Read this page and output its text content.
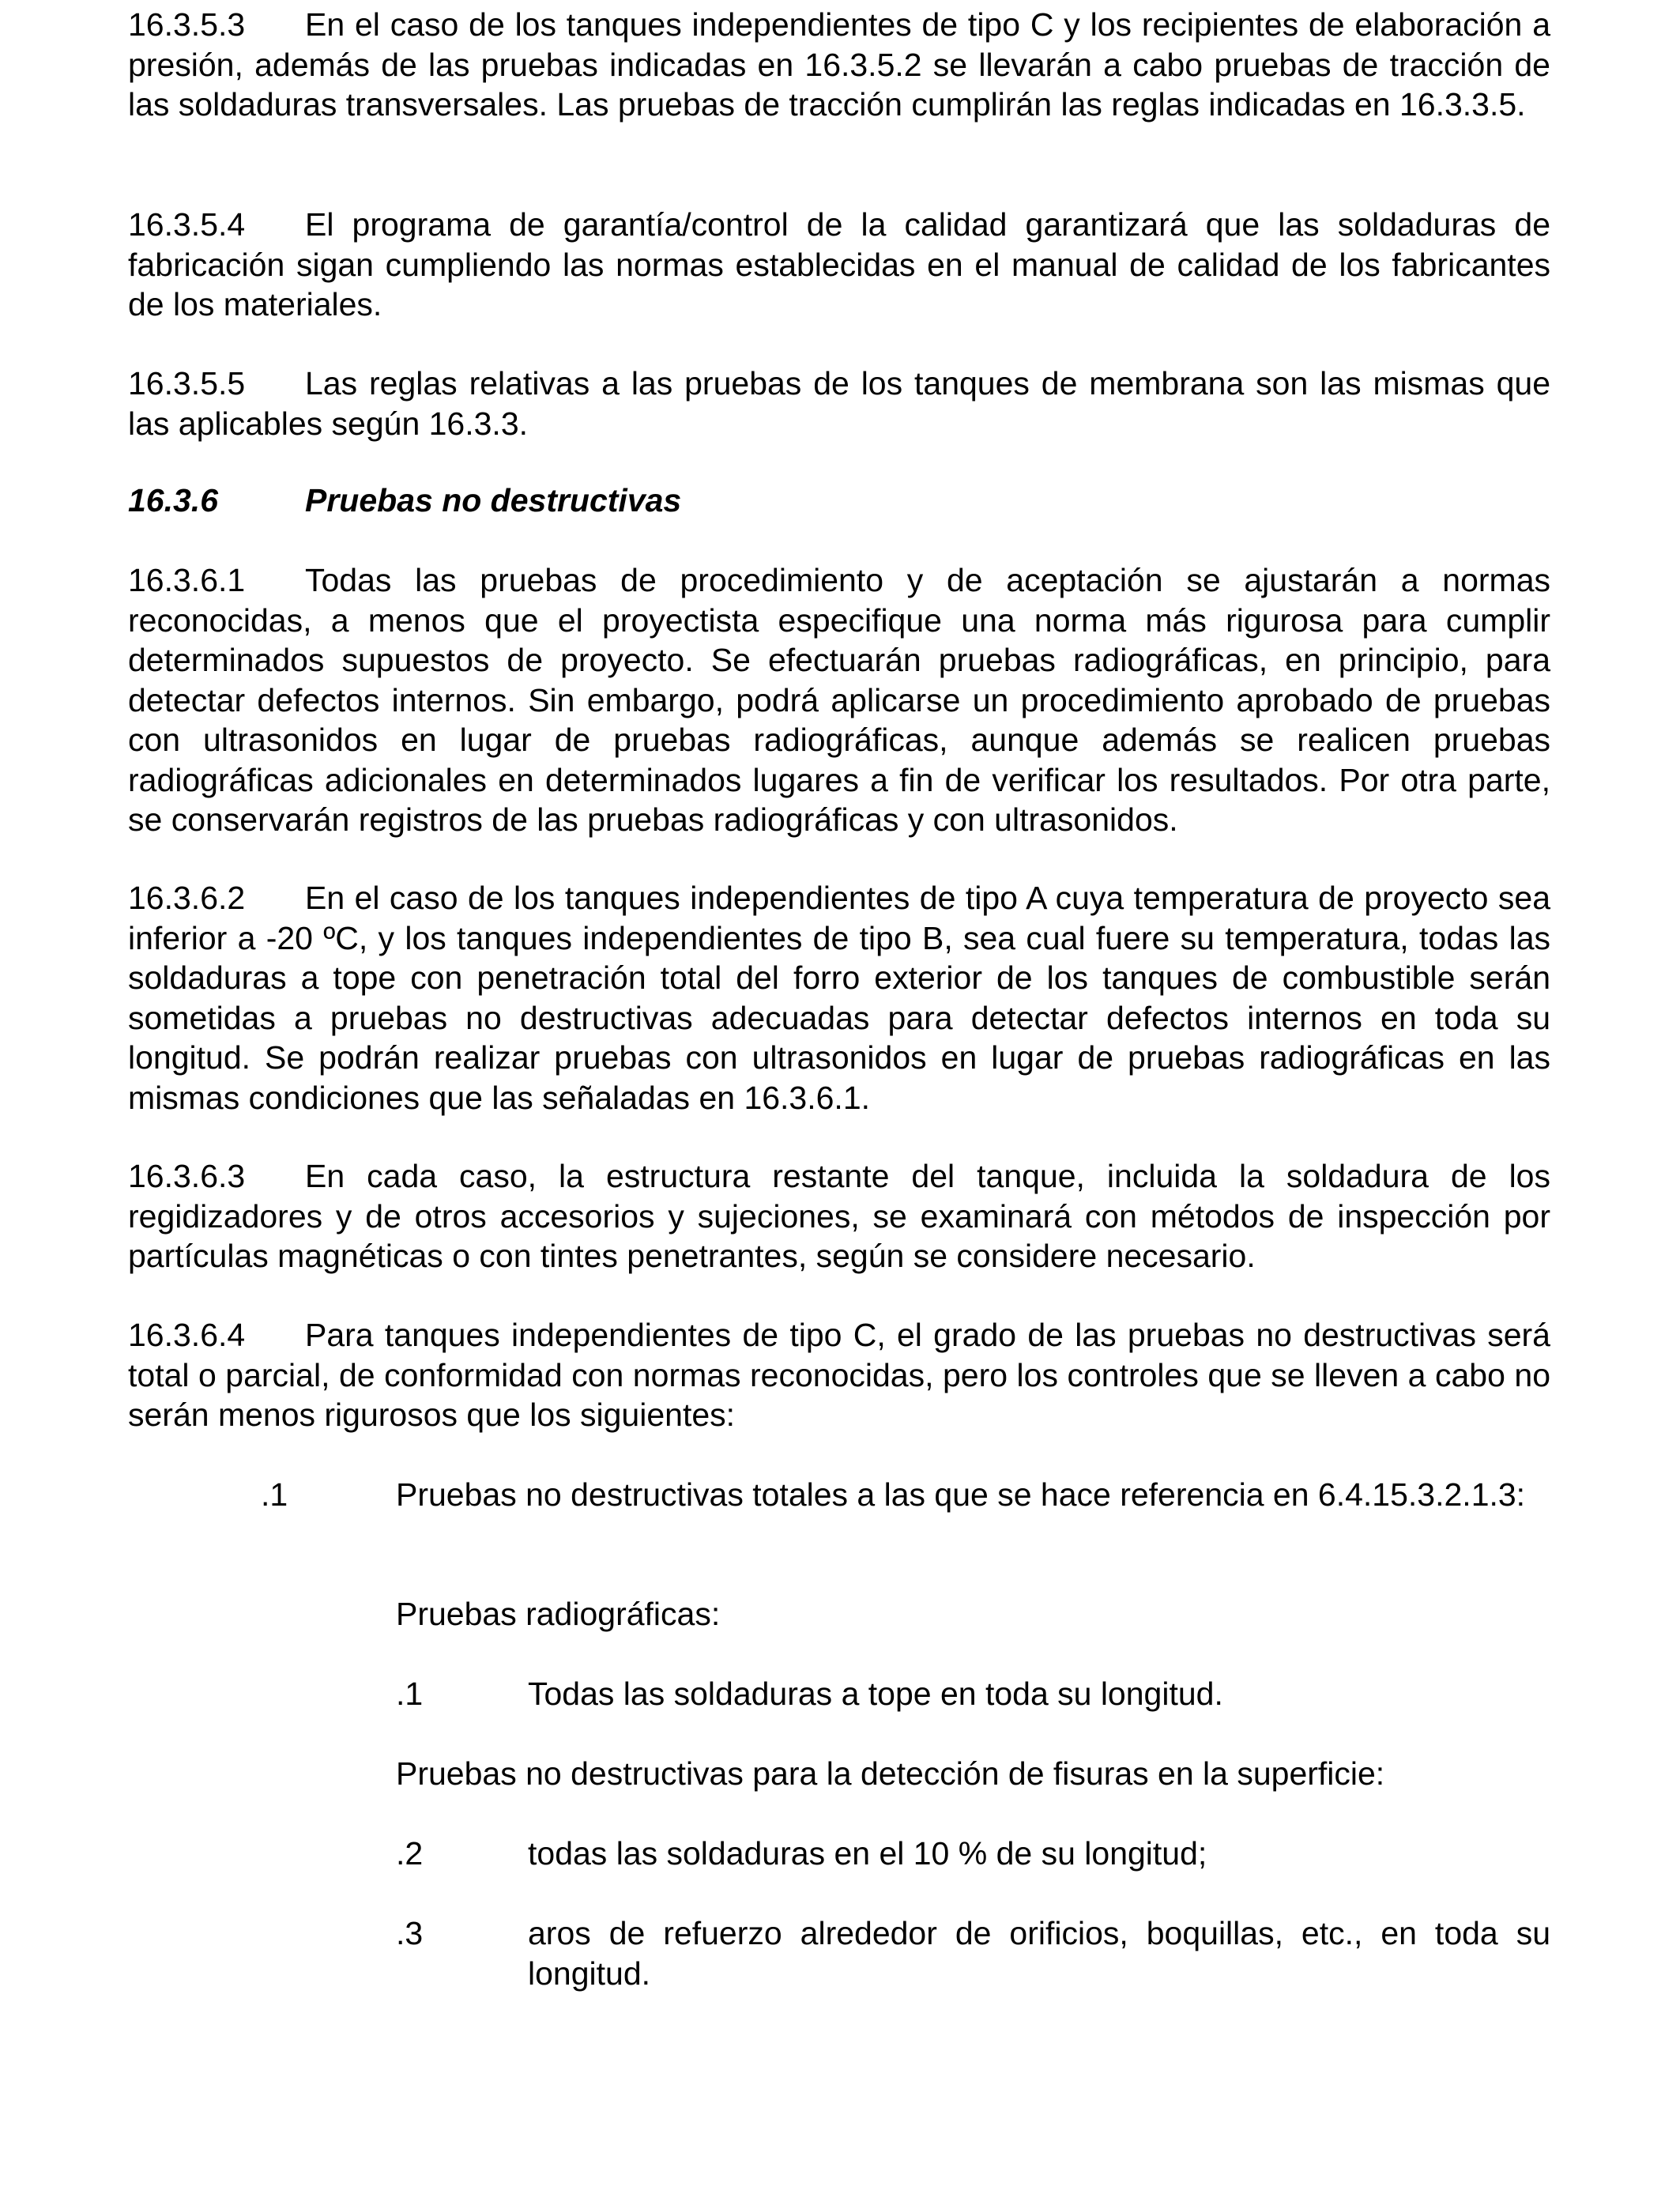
16.3.5.3 En el caso de los tanques independientes de tipo C y los recipientes de elaboración a presión, además de las pruebas indicadas en 16.3.5.2 se llevarán a cabo pruebas de tracción de las soldaduras transversales. Las pruebas de tracción cumplirán las reglas indicadas en 16.3.3.5.
16.3.5.4 El programa de garantía/control de la calidad garantizará que las soldaduras de fabricación sigan cumpliendo las normas establecidas en el manual de calidad de los fabricantes de los materiales.
16.3.5.5 Las reglas relativas a las pruebas de los tanques de membrana son las mismas que las aplicables según 16.3.3.
16.3.6	Pruebas no destructivas
16.3.6.1 Todas las pruebas de procedimiento y de aceptación se ajustarán a normas reconocidas, a menos que el proyectista especifique una norma más rigurosa para cumplir determinados supuestos de proyecto. Se efectuarán pruebas radiográficas, en principio, para detectar defectos internos. Sin embargo, podrá aplicarse un procedimiento aprobado de pruebas con ultrasonidos en lugar de pruebas radiográficas, aunque además se realicen pruebas radiográficas adicionales en determinados lugares a fin de verificar los resultados. Por otra parte, se conservarán registros de las pruebas radiográficas y con ultrasonidos.
16.3.6.2 En el caso de los tanques independientes de tipo A cuya temperatura de proyecto sea inferior a -20 ºC, y los tanques independientes de tipo B, sea cual fuere su temperatura, todas las soldaduras a tope con penetración total del forro exterior de los tanques de combustible serán sometidas a pruebas no destructivas adecuadas para detectar defectos internos en toda su longitud. Se podrán realizar pruebas con ultrasonidos en lugar de pruebas radiográficas en las mismas condiciones que las señaladas en 16.3.6.1.
16.3.6.3 En cada caso, la estructura restante del tanque, incluida la soldadura de los regidizadores y de otros accesorios y sujeciones, se examinará con métodos de inspección por partículas magnéticas o con tintes penetrantes, según se considere necesario.
16.3.6.4 Para tanques independientes de tipo C, el grado de las pruebas no destructivas será total o parcial, de conformidad con normas reconocidas, pero los controles que se lleven a cabo no serán menos rigurosos que los siguientes:
.1	Pruebas no destructivas totales a las que se hace referencia en 6.4.15.3.2.1.3:
Pruebas radiográficas:
.1	Todas las soldaduras a tope en toda su longitud.
Pruebas no destructivas para la detección de fisuras en la superficie:
.2	todas las soldaduras en el 10 % de su longitud;
.3	aros de refuerzo alrededor de orificios, boquillas, etc., en toda su longitud.
